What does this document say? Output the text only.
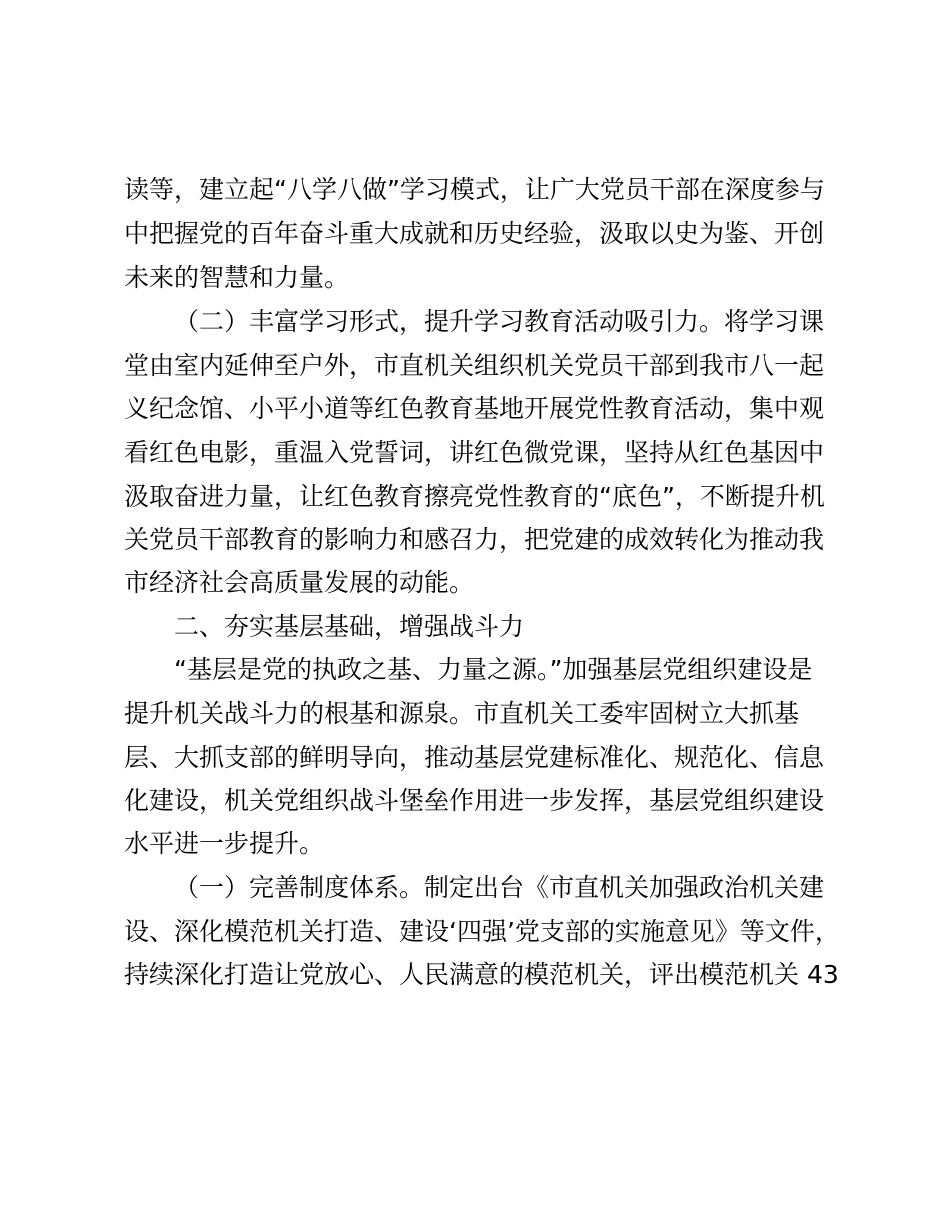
读等，建立起“八学八做”学习模式，让广大党员干部在深度参与
中把握党的百年奋斗重大成就和历史经验，汲取以史为鉴、开创
未来的智慧和力量。
（二）丰富学习形式，提升学习教育活动吸引力。将学习课
堂由室内延伸至户外，市直机关组织机关党员干部到我市八一起
义纪念馆、小平小道等红色教育基地开展党性教育活动，集中观
看红色电影，重温入党誓词，讲红色微党课，坚持从红色基因中
汲取奋进力量，让红色教育擦亮党性教育的“底色”，不断提升机
关党员干部教育的影响力和感召力，把党建的成效转化为推动我
市经济社会高质量发展的动能。
二、夯实基层基础，增强战斗力
“基层是党的执政之基、力量之源。”加强基层党组织建设是
提升机关战斗力的根基和源泉。市直机关工委牢固树立大抓基
层、大抓支部的鲜明导向，推动基层党建标准化、规范化、信息
化建设，机关党组织战斗堡垒作用进一步发挥，基层党组织建设
水平进一步提升。
（一）完善制度体系。制定出台《市直机关加强政治机关建
设、深化模范机关打造、建设‘四强’党支部的实施意见》等文件，
持续深化打造让党放心、人民满意的模范机关，评出模范机关 43
